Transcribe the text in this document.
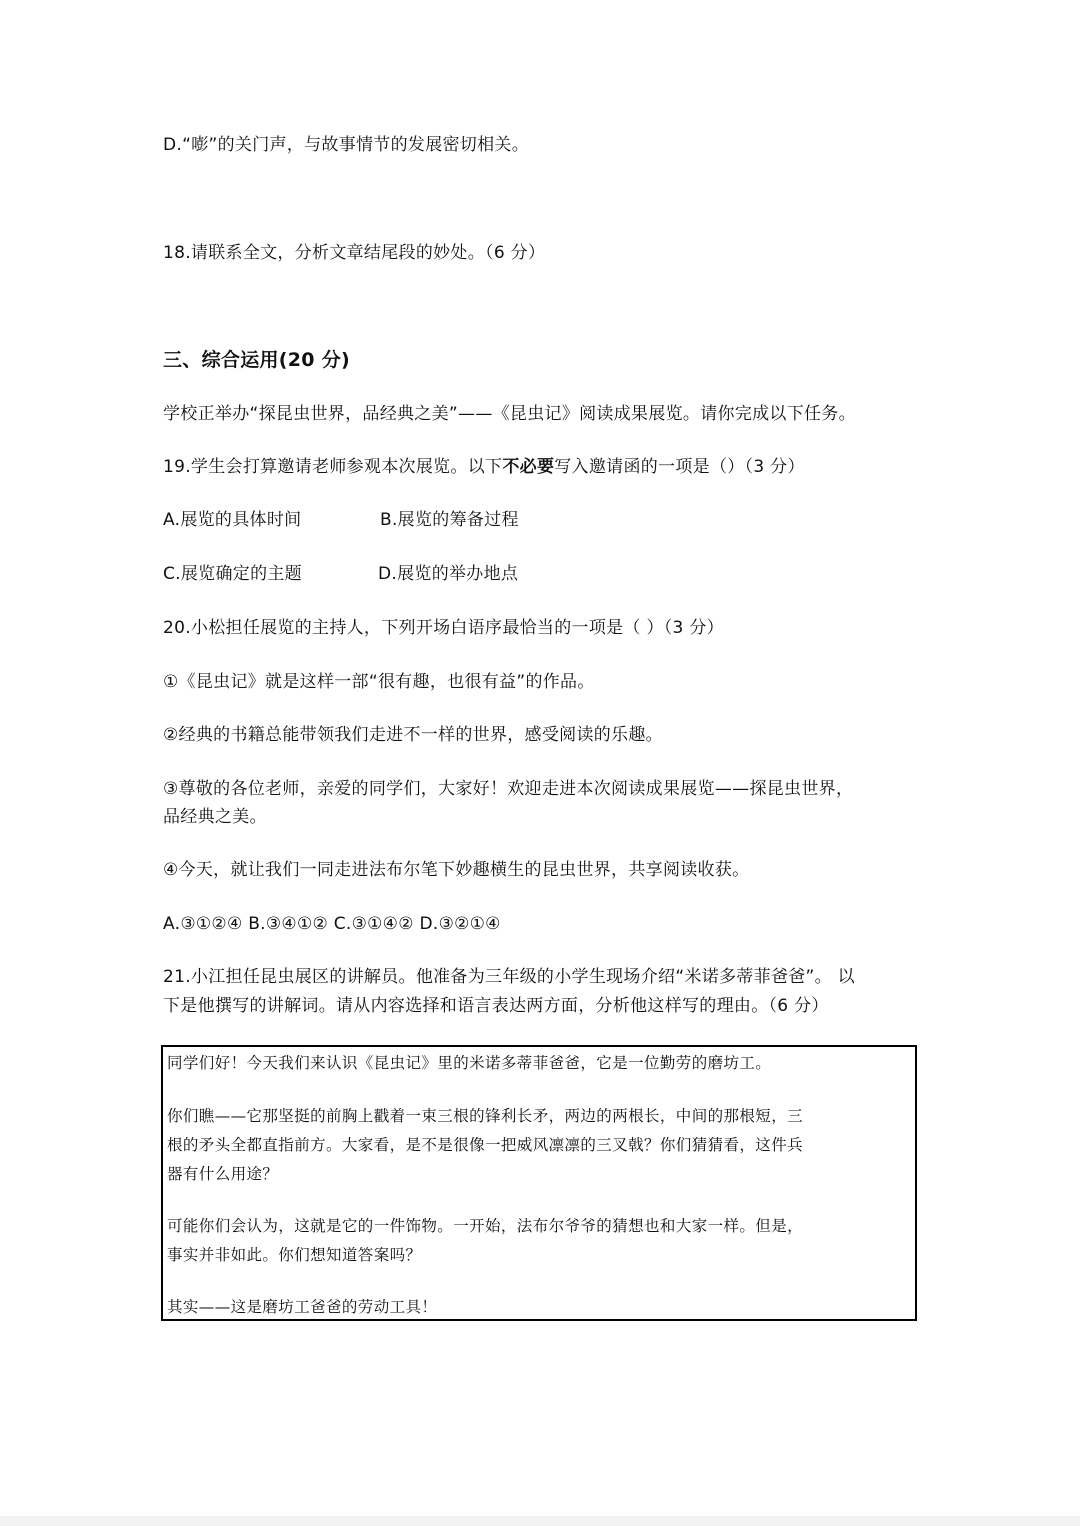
D.“嘭”的关门声，与故事情节的发展密切相关。
18.请联系全文，分析文章结尾段的妙处。（6 分）
三、综合运用(20 分)
学校正举办“探昆虫世界，品经典之美”——《昆虫记》阅读成果展览。请你完成以下任务。
19.学生会打算邀请老师参观本次展览。以下不必要写入邀请函的一项是（）（3 分）
A.展览的具体时间	B.展览的筹备过程
C.展览确定的主题	D.展览的举办地点
20.小松担任展览的主持人，下列开场白语序最恰当的一项是（ ）（3 分）
①《昆虫记》就是这样一部“很有趣，也很有益”的作品。
②经典的书籍总能带领我们走进不一样的世界，感受阅读的乐趣。
③尊敬的各位老师，亲爱的同学们，大家好！欢迎走进本次阅读成果展览——探昆虫世界，
品经典之美。
④今天，就让我们一同走进法布尔笔下妙趣横生的昆虫世界，共享阅读收获。
A.③①②④ B.③④①② C.③①④② D.③②①④
21.小江担任昆虫展区的讲解员。他准备为三年级的小学生现场介绍“米诺多蒂菲爸爸”。 以
下是他撰写的讲解词。请从内容选择和语言表达两方面，分析他这样写的理由。（6 分）
同学们好！今天我们来认识《昆虫记》里的米诺多蒂菲爸爸，它是一位勤劳的磨坊工。
你们瞧——它那坚挺的前胸上戳着一束三根的锋利长矛，两边的两根长，中间的那根短，三
根的矛头全都直指前方。大家看，是不是很像一把威风凛凛的三叉戟？你们猜猜看，这件兵
器有什么用途？
可能你们会认为，这就是它的一件饰物。一开始，法布尔爷爷的猜想也和大家一样。但是，
事实并非如此。你们想知道答案吗？
其实——这是磨坊工爸爸的劳动工具！
